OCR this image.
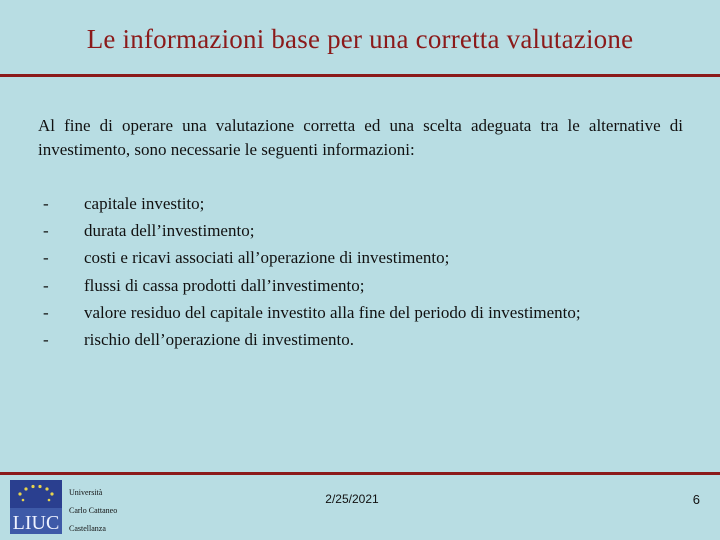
Le informazioni base per una corretta valutazione
Al fine di operare una valutazione corretta ed una scelta adeguata tra le alternative di investimento, sono necessarie le seguenti informazioni:
- capitale investito;
- durata dell’investimento;
- costi e ricavi associati all’operazione di investimento;
- flussi di cassa prodotti dall’investimento;
- valore residuo del capitale investito alla fine del periodo di investimento;
- rischio dell’operazione di investimento.
LIUC
Università
Carlo Cattaneo
Castellanza
2/25/2021	6
